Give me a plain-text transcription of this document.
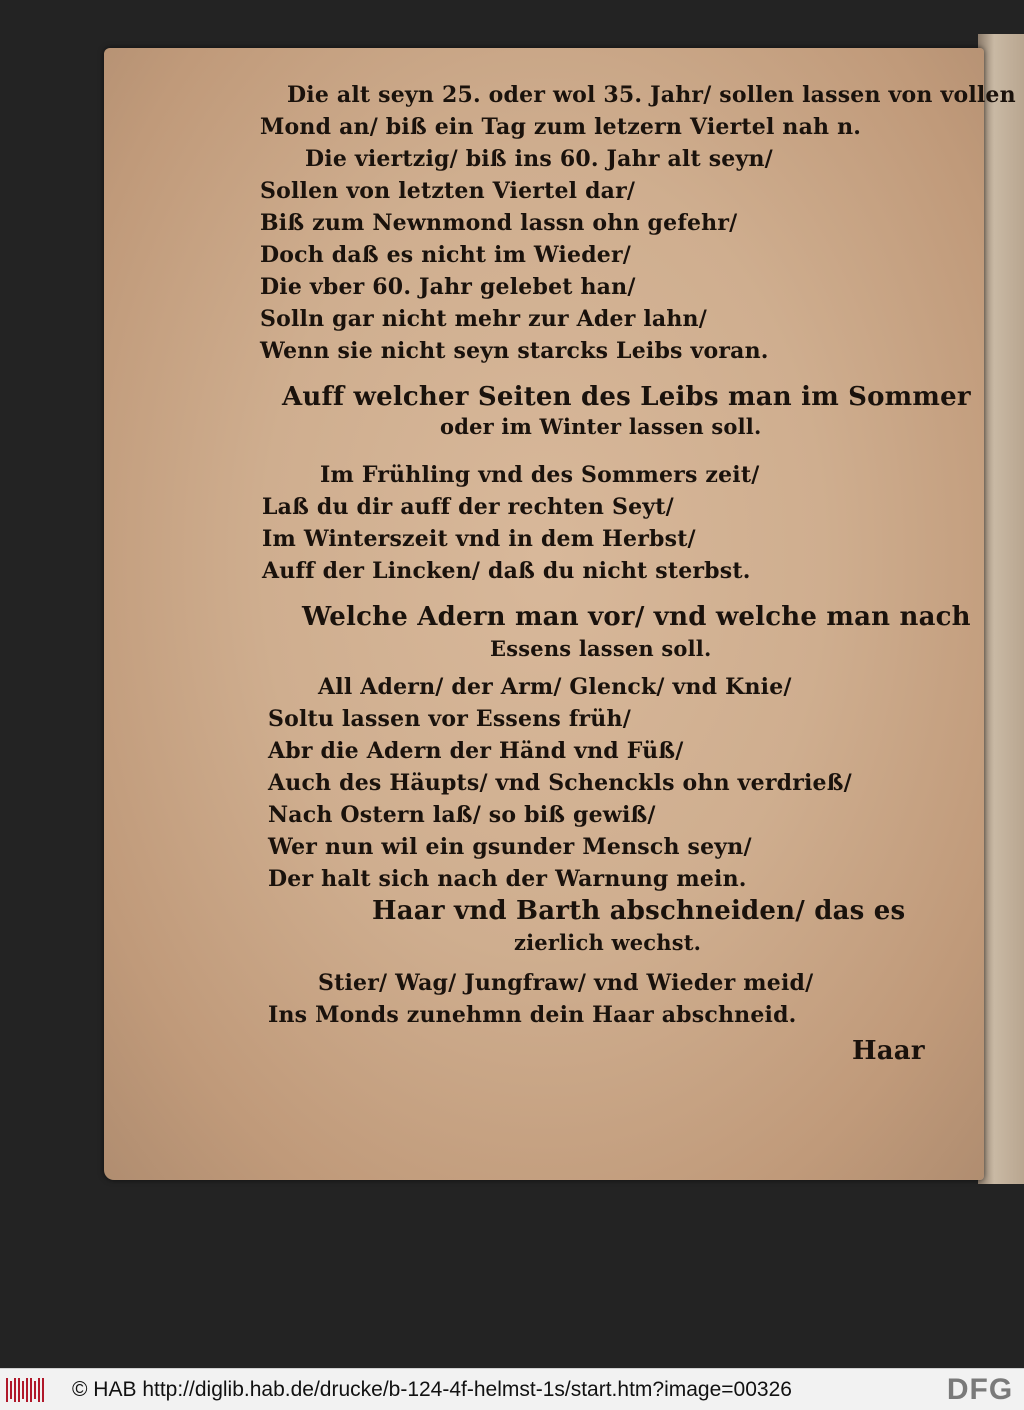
Die alt seyn 25. oder wol 35. Jahr/ sollen lassen von vollen
Mond an/ biß ein Tag zum letzern Viertel nah n.
Die viertzig/ biß ins 60. Jahr alt seyn/
Sollen von letzten Viertel dar/
Biß zum Newnmond lassn ohn gefehr/
Doch daß es nicht im Wieder/
Die vber 60. Jahr gelebet han/
Solln gar nicht mehr zur Ader lahn/
Wenn sie nicht seyn starcks Leibs voran.
Auff welcher Seiten des Leibs man im Sommer
oder im Winter lassen soll.
Im Frühling vnd des Sommers zeit/
Laß du dir auff der rechten Seyt/
Im Winterszeit vnd in dem Herbst/
Auff der Lincken/ daß du nicht sterbst.
Welche Adern man vor/ vnd welche man nach
Essens lassen soll.
All Adern/ der Arm/ Glenck/ vnd Knie/
Soltu lassen vor Essens früh/
Abr die Adern der Händ vnd Füß/
Auch des Häupts/ vnd Schenckls ohn verdrieß/
Nach Ostern laß/ so biß gewiß/
Wer nun wil ein gsunder Mensch seyn/
Der halt sich nach der Warnung mein.
Haar vnd Barth abschneiden/ das es
zierlich wechst.
Stier/ Wag/ Jungfraw/ vnd Wieder meid/
Ins Monds zunehmn dein Haar abschneid.
Haar
© HAB http://diglib.hab.de/drucke/b-124-4f-helmst-1s/start.htm?image=00326	DFG
